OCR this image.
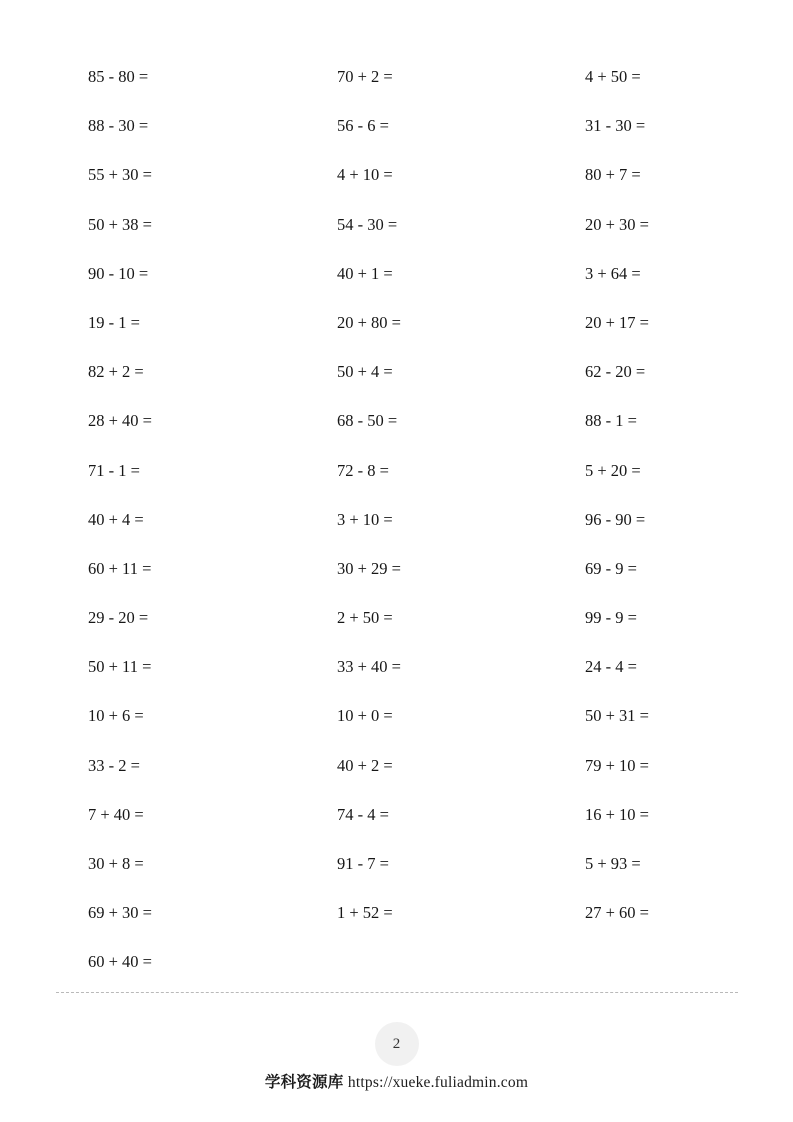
85 - 80 =
88 - 30 =
55 + 30 =
50 + 38 =
90 - 10 =
19 - 1 =
82 + 2 =
28 + 40 =
71 - 1 =
40 + 4 =
60 + 11 =
29 - 20 =
50 + 11 =
10 + 6 =
33 - 2 =
7 + 40 =
30 + 8 =
69 + 30 =
60 + 40 =
70 + 2 =
56 - 6 =
4 + 10 =
54 - 30 =
40 + 1 =
20 + 80 =
50 + 4 =
68 - 50 =
72 - 8 =
3 + 10 =
30 + 29 =
2 + 50 =
33 + 40 =
10 + 0 =
40 + 2 =
74 - 4 =
91 - 7 =
1 + 52 =
4 + 50 =
31 - 30 =
80 + 7 =
20 + 30 =
3 + 64 =
20 + 17 =
62 - 20 =
88 - 1 =
5 + 20 =
96 - 90 =
69 - 9 =
99 - 9 =
24 - 4 =
50 + 31 =
79 + 10 =
16 + 10 =
5 + 93 =
27 + 60 =
2
学科资源库 https://xueke.fuliadmin.com
